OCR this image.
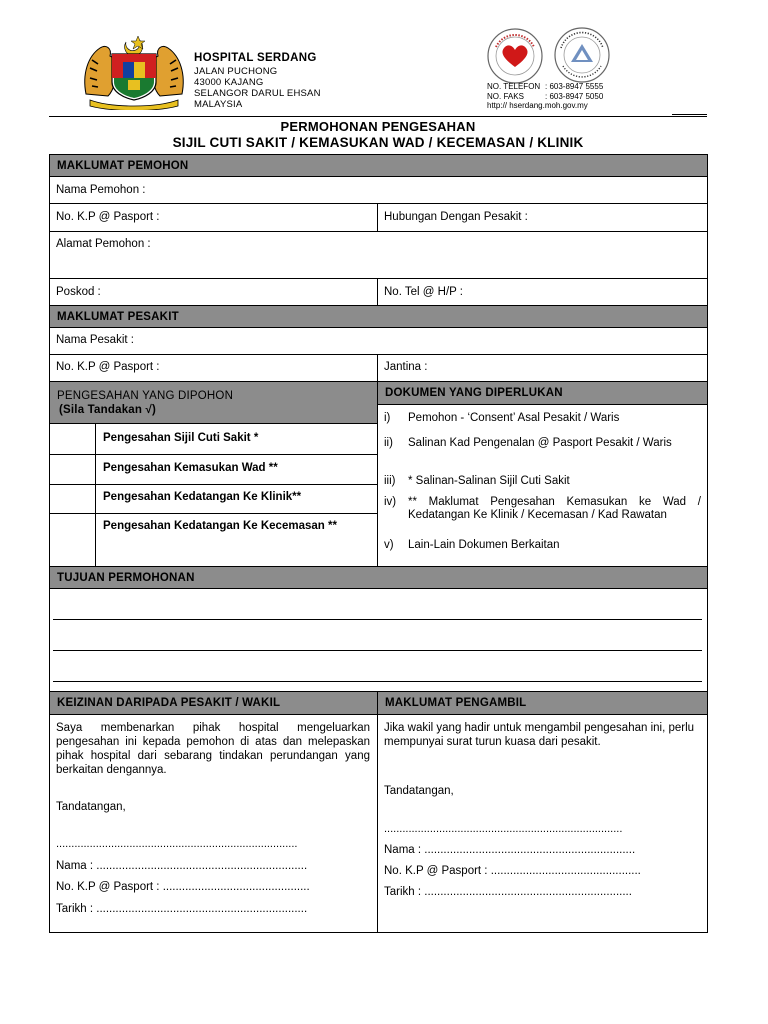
HOSPITAL SERDANG
JALAN PUCHONG
43000 KAJANG
SELANGOR DARUL EHSAN
MALAYSIA
NO. TELEFON : 603-8947 5555
NO. FAKS	: 603-8947 5050
http:// hserdang.moh.gov.my
PERMOHONAN PENGESAHAN
SIJIL CUTI SAKIT / KEMASUKAN WAD / KECEMASAN / KLINIK
MAKLUMAT PEMOHON
Nama Pemohon :
No. K.P @ Pasport :	Hubungan Dengan Pesakit :
Alamat Pemohon :
Poskod :	No. Tel @ H/P :
MAKLUMAT PESAKIT
Nama Pesakit :
No. K.P @ Pasport :	Jantina :
PENGESAHAN YANG DIPOHON
(Sila Tandakan √)
DOKUMEN YANG DIPERLUKAN
Pengesahan Sijil Cuti Sakit *
Pengesahan Kemasukan Wad **
Pengesahan Kedatangan Ke Klinik**
Pengesahan Kedatangan Ke Kecemasan **
i) Pemohon - ‘Consent’ Asal Pesakit / Waris
ii) Salinan Kad Pengenalan @ Pasport Pesakit / Waris
iii) * Salinan-Salinan Sijil Cuti Sakit
iv) ** Maklumat Pengesahan Kemasukan ke Wad / Kedatangan Ke Klinik / Kecemasan / Kad Rawatan
v) Lain-Lain Dokumen Berkaitan
TUJUAN PERMOHONAN
KEIZINAN DARIPADA PESAKIT / WAKIL	MAKLUMAT PENGAMBIL
Saya membenarkan pihak hospital mengeluarkan pengesahan ini kepada pemohon di atas dan melepaskan pihak hospital dari sebarang tindakan perundangan yang berkaitan dengannya.
Tandatangan,
...............................................................................
Nama : ..................................................................
No. K.P @ Pasport : ..............................................
Tarikh : ..................................................................
Jika wakil yang hadir untuk mengambil pengesahan ini, perlu mempunyai surat turun kuasa dari pesakit.
Tandatangan,
..............................................................................
Nama : ..................................................................
No. K.P @ Pasport : ...............................................
Tarikh : .................................................................
